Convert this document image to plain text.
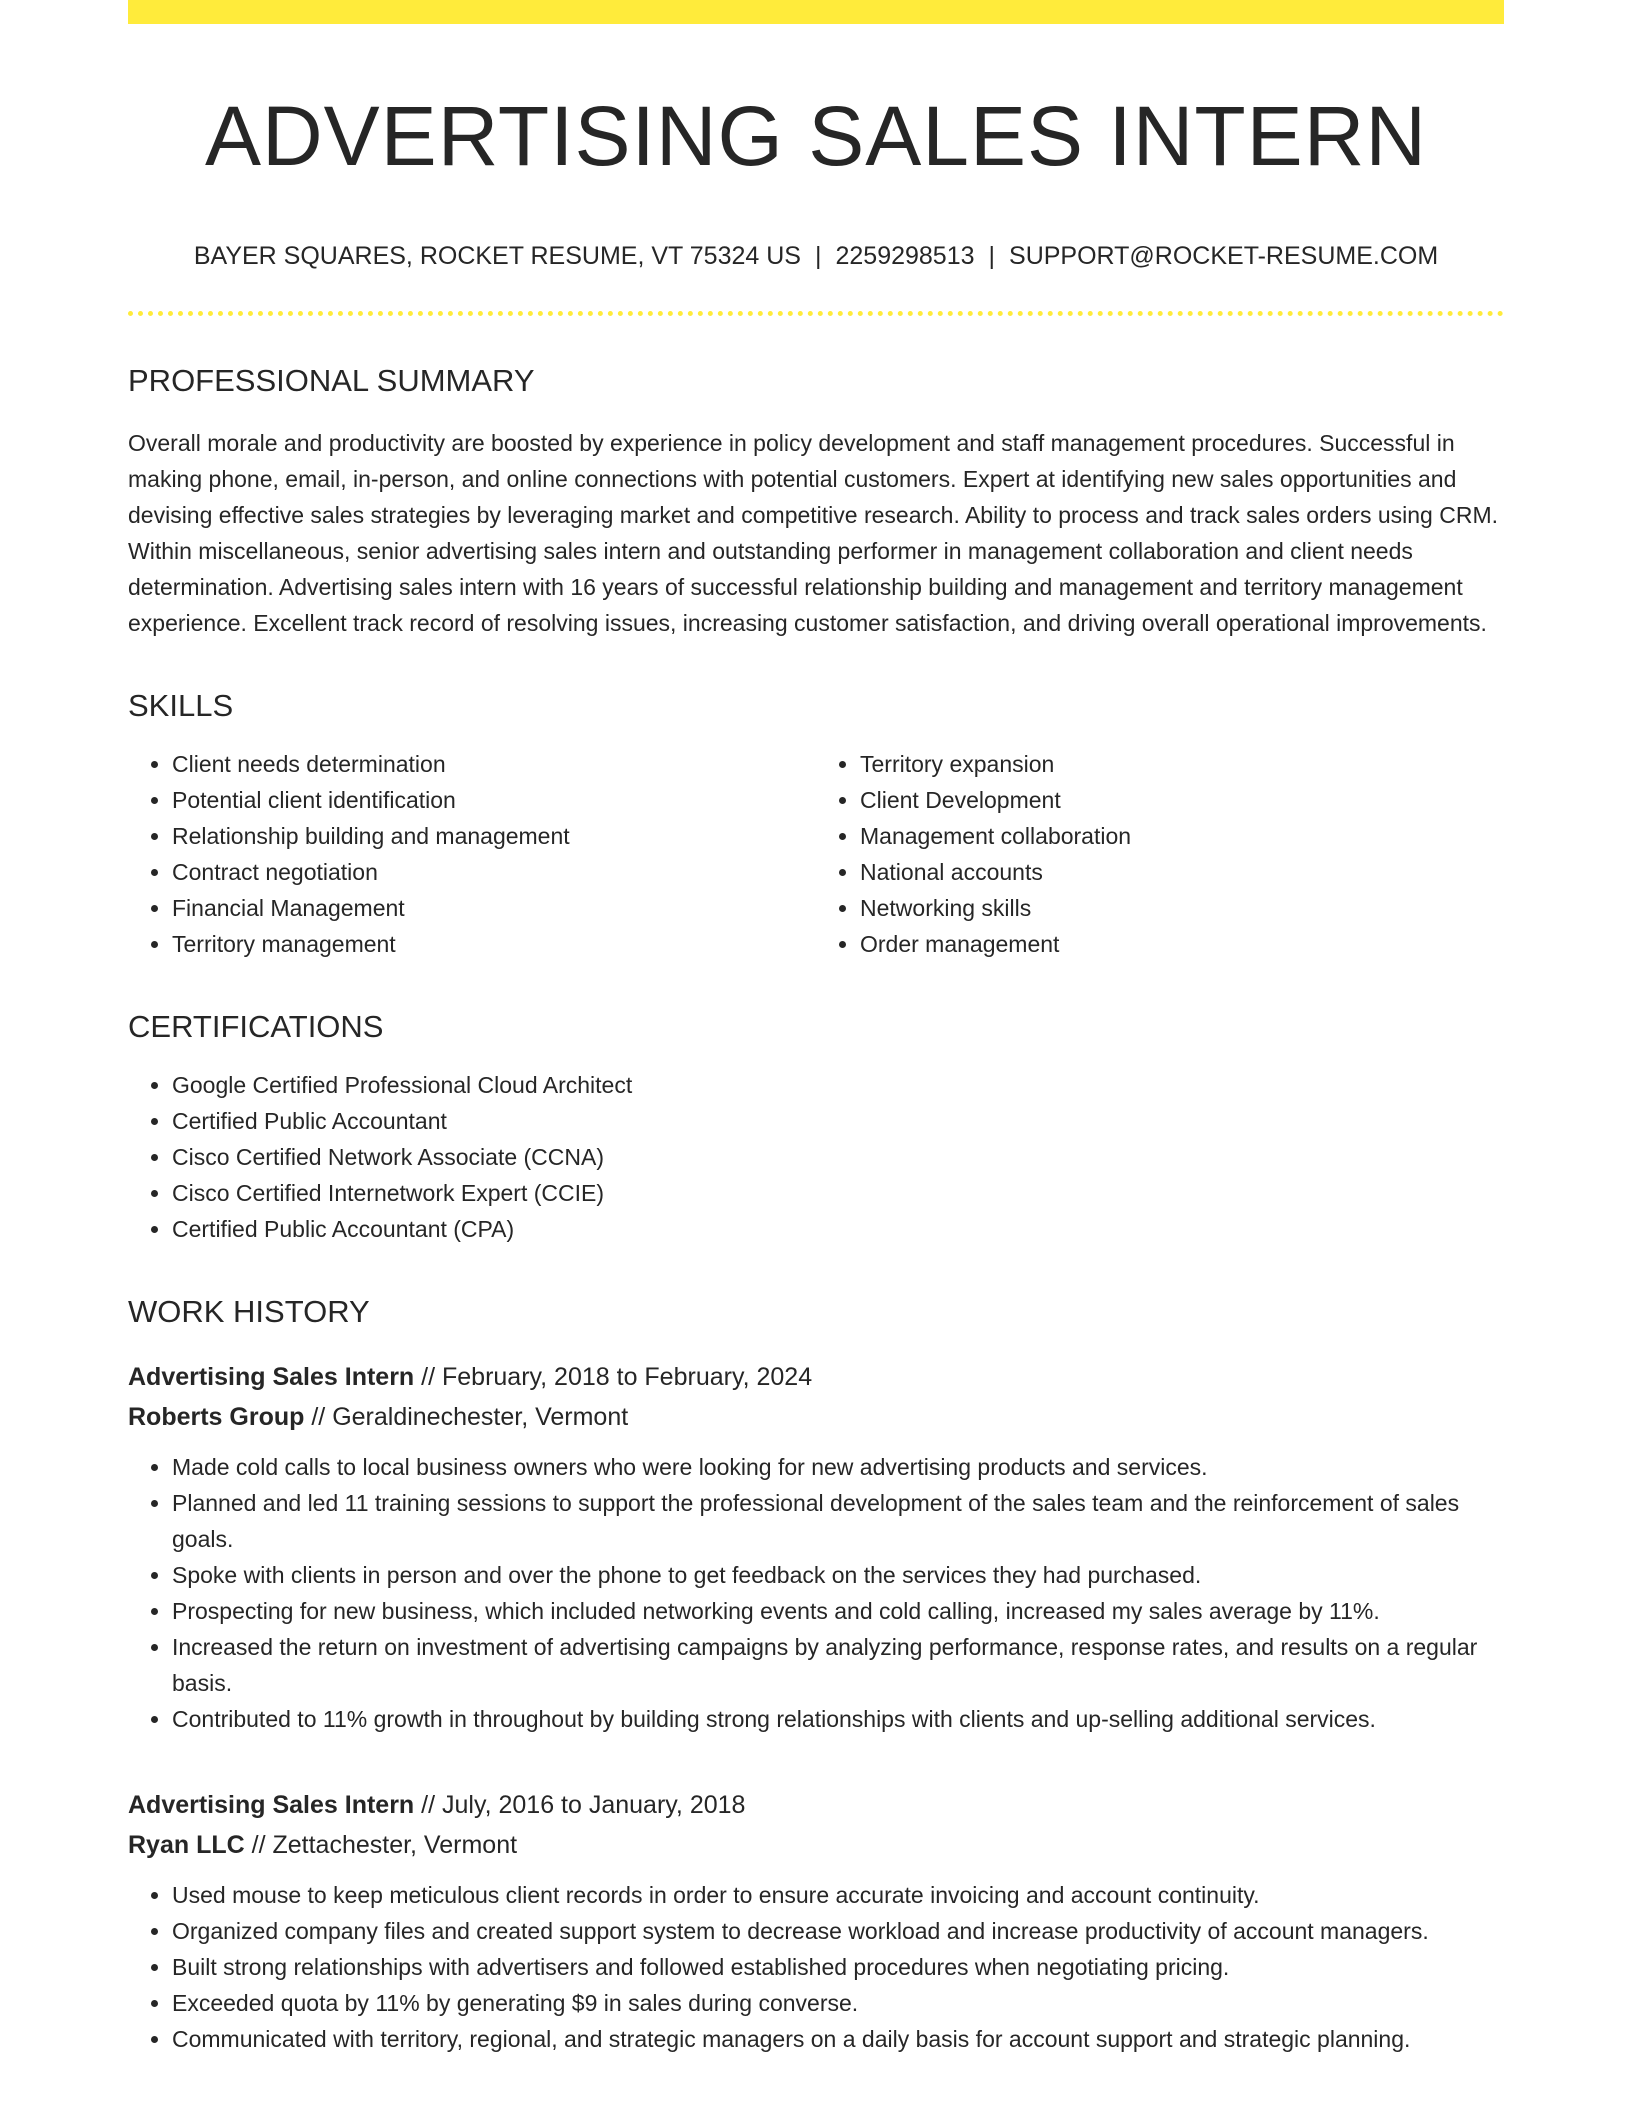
ADVERTISING SALES INTERN
BAYER SQUARES, ROCKET RESUME, VT 75324 US | 2259298513 | SUPPORT@ROCKET-RESUME.COM
PROFESSIONAL SUMMARY

Overall morale and productivity are boosted by experience in policy development and staff management procedures. Successful in making phone, email, in-person, and online connections with potential customers. Expert at identifying new sales opportunities and devising effective sales strategies by leveraging market and competitive research. Ability to process and track sales orders using CRM. Within miscellaneous, senior advertising sales intern and outstanding performer in management collaboration and client needs determination. Advertising sales intern with 16 years of successful relationship building and management and territory management experience. Excellent track record of resolving issues, increasing customer satisfaction, and driving overall operational improvements.

SKILLS
• Client needs determination
• Potential client identification
• Relationship building and management
• Contract negotiation
• Financial Management
• Territory management
• Territory expansion
• Client Development
• Management collaboration
• National accounts
• Networking skills
• Order management
CERTIFICATIONS
• Google Certified Professional Cloud Architect
• Certified Public Accountant
• Cisco Certified Network Associate (CCNA)
• Cisco Certified Internetwork Expert (CCIE)
• Certified Public Accountant (CPA)
WORK HISTORY
Advertising Sales Intern // February, 2018 to February, 2024
Roberts Group // Geraldinechester, Vermont
• Made cold calls to local business owners who were looking for new advertising products and services.
• Planned and led 11 training sessions to support the professional development of the sales team and the reinforcement of sales goals.
• Spoke with clients in person and over the phone to get feedback on the services they had purchased.
• Prospecting for new business, which included networking events and cold calling, increased my sales average by 11%.
• Increased the return on investment of advertising campaigns by analyzing performance, response rates, and results on a regular basis.
• Contributed to 11% growth in throughout by building strong relationships with clients and up-selling additional services.
Advertising Sales Intern // July, 2016 to January, 2018
Ryan LLC // Zettachester, Vermont
• Used mouse to keep meticulous client records in order to ensure accurate invoicing and account continuity.
• Organized company files and created support system to decrease workload and increase productivity of account managers.
• Built strong relationships with advertisers and followed established procedures when negotiating pricing.
• Exceeded quota by 11% by generating $9 in sales during converse.
• Communicated with territory, regional, and strategic managers on a daily basis for account support and strategic planning.
